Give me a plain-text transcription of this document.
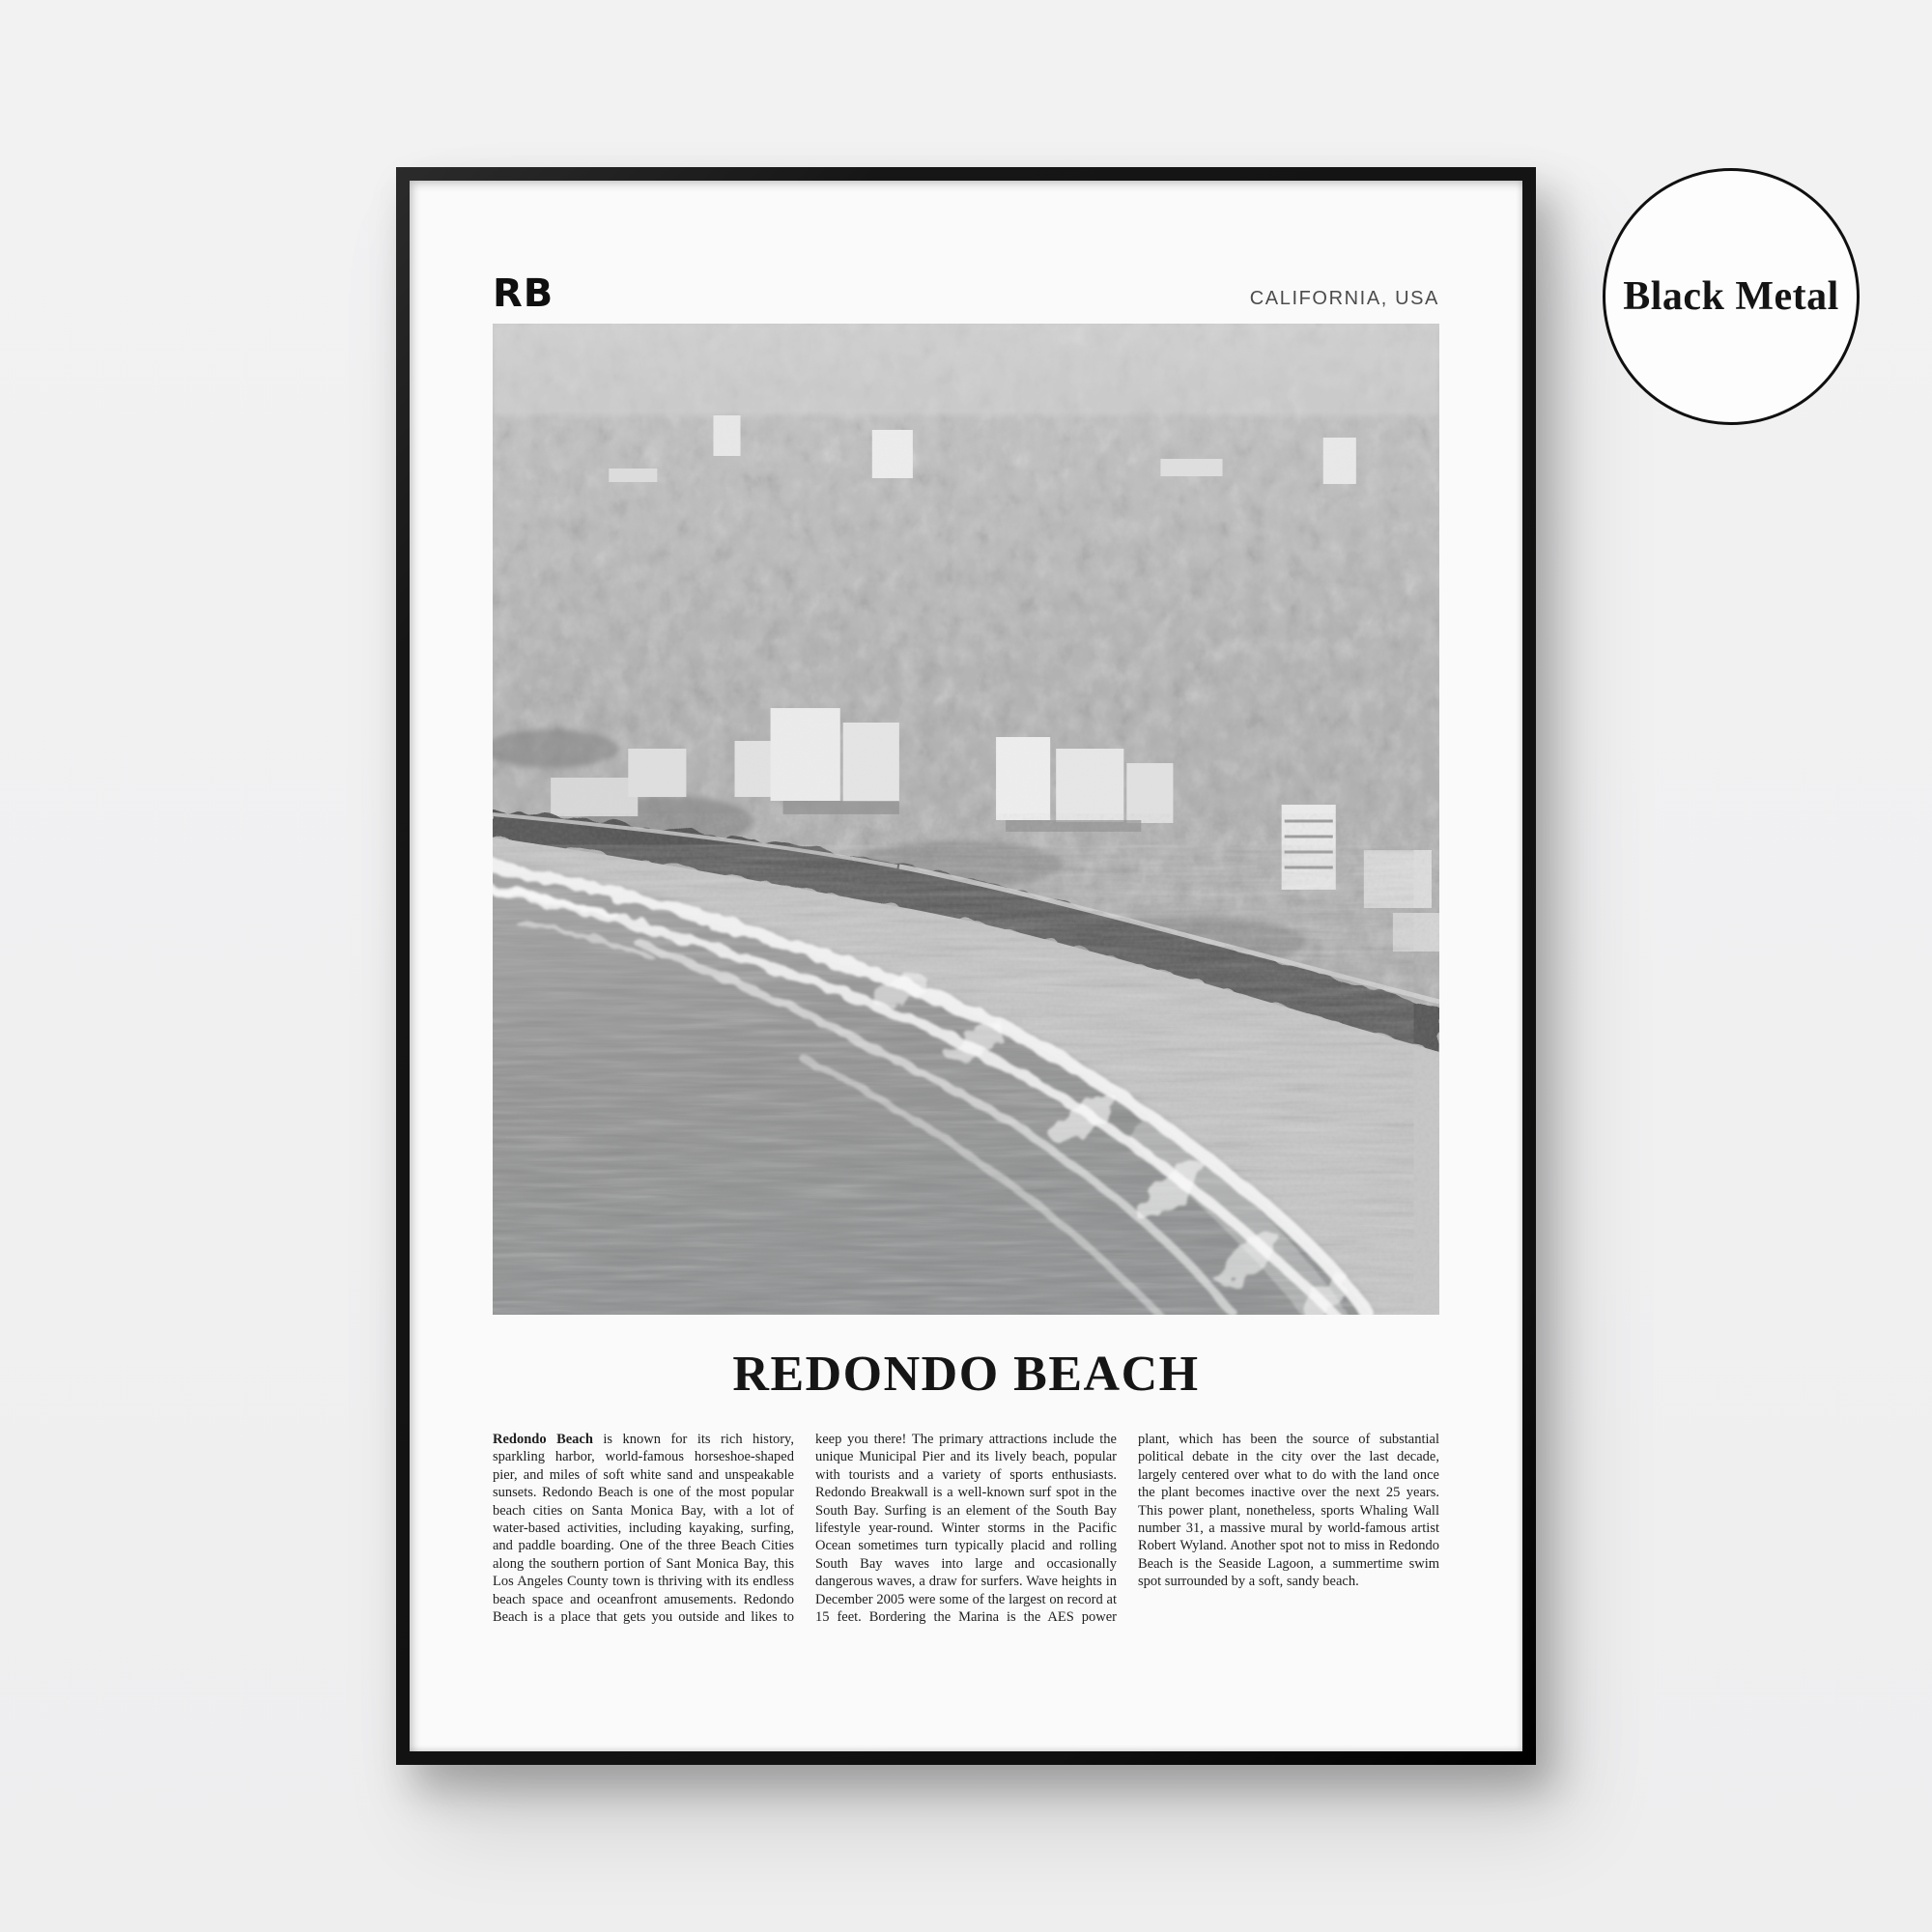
RB	CALIFORNIA, USA
REDONDO BEACH

Redondo Beach is known for its rich history, sparkling harbor, world-famous horseshoe-shaped pier, and miles of soft white sand and unspeakable sunsets. Redondo Beach is one of the most popular beach cities on Santa Monica Bay, with a lot of water-based activities, including kayaking, surfing, and paddle boarding. One of the three Beach Cities along the southern portion of Sant Monica Bay, this Los Angeles County town is thriving with its endless beach space and oceanfront amusements. Redondo Beach is a place that gets you outside and likes to keep you there! The primary attractions include the unique Municipal Pier and its lively beach, popular with tourists and a variety of sports enthusiasts. Redondo Breakwall is a well-known surf spot in the South Bay. Surfing is an element of the South Bay lifestyle year-round. Winter storms in the Pacific Ocean sometimes turn typically placid and rolling South Bay waves into large and occasionally dangerous waves, a draw for surfers. Wave heights in December 2005 were some of the largest on record at 15 feet. Bordering the Marina is the AES power plant, which has been the source of substantial political debate in the city over the last decade, largely centered over what to do with the land once the plant becomes inactive over the next 25 years. This power plant, nonetheless, sports Whaling Wall number 31, a massive mural by world-famous artist Robert Wyland. Another spot not to miss in Redondo Beach is the Seaside Lagoon, a summertime swim spot surrounded by a soft, sandy beach.

Black Metal
